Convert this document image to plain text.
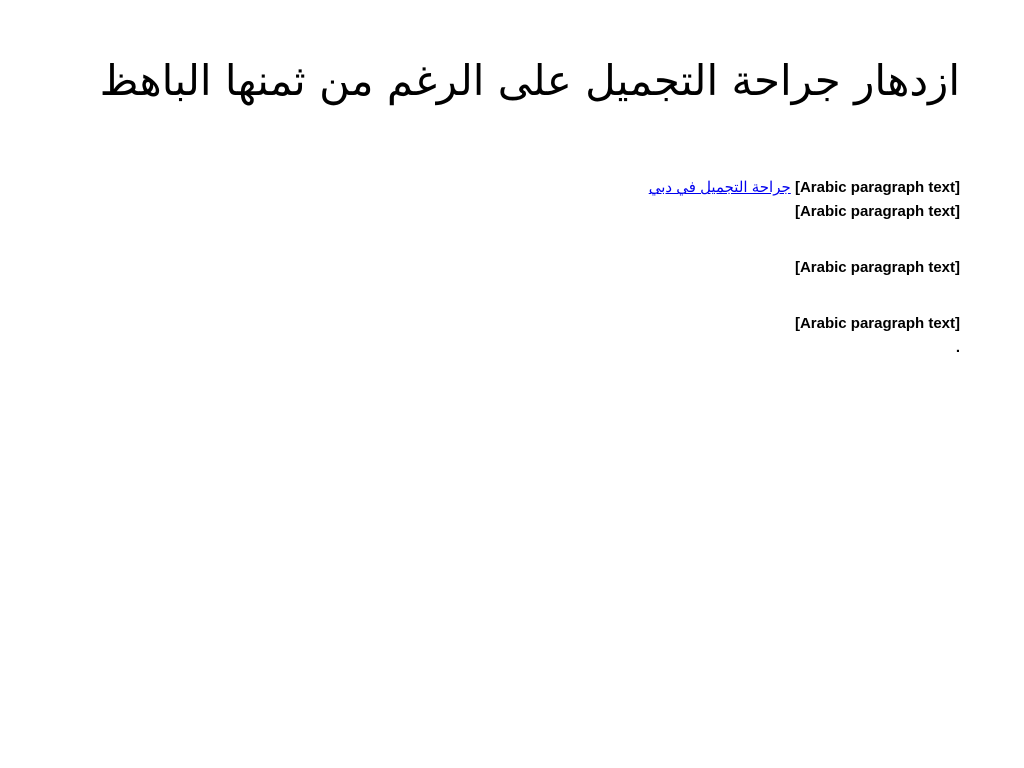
ازدهار جراحة التجميل على الرغم من ثمنها الباهظ

[Arabic paragraph text] جراحة التجميل في دبي

[Arabic paragraph text]

[Arabic paragraph text]

[Arabic paragraph text]

.
